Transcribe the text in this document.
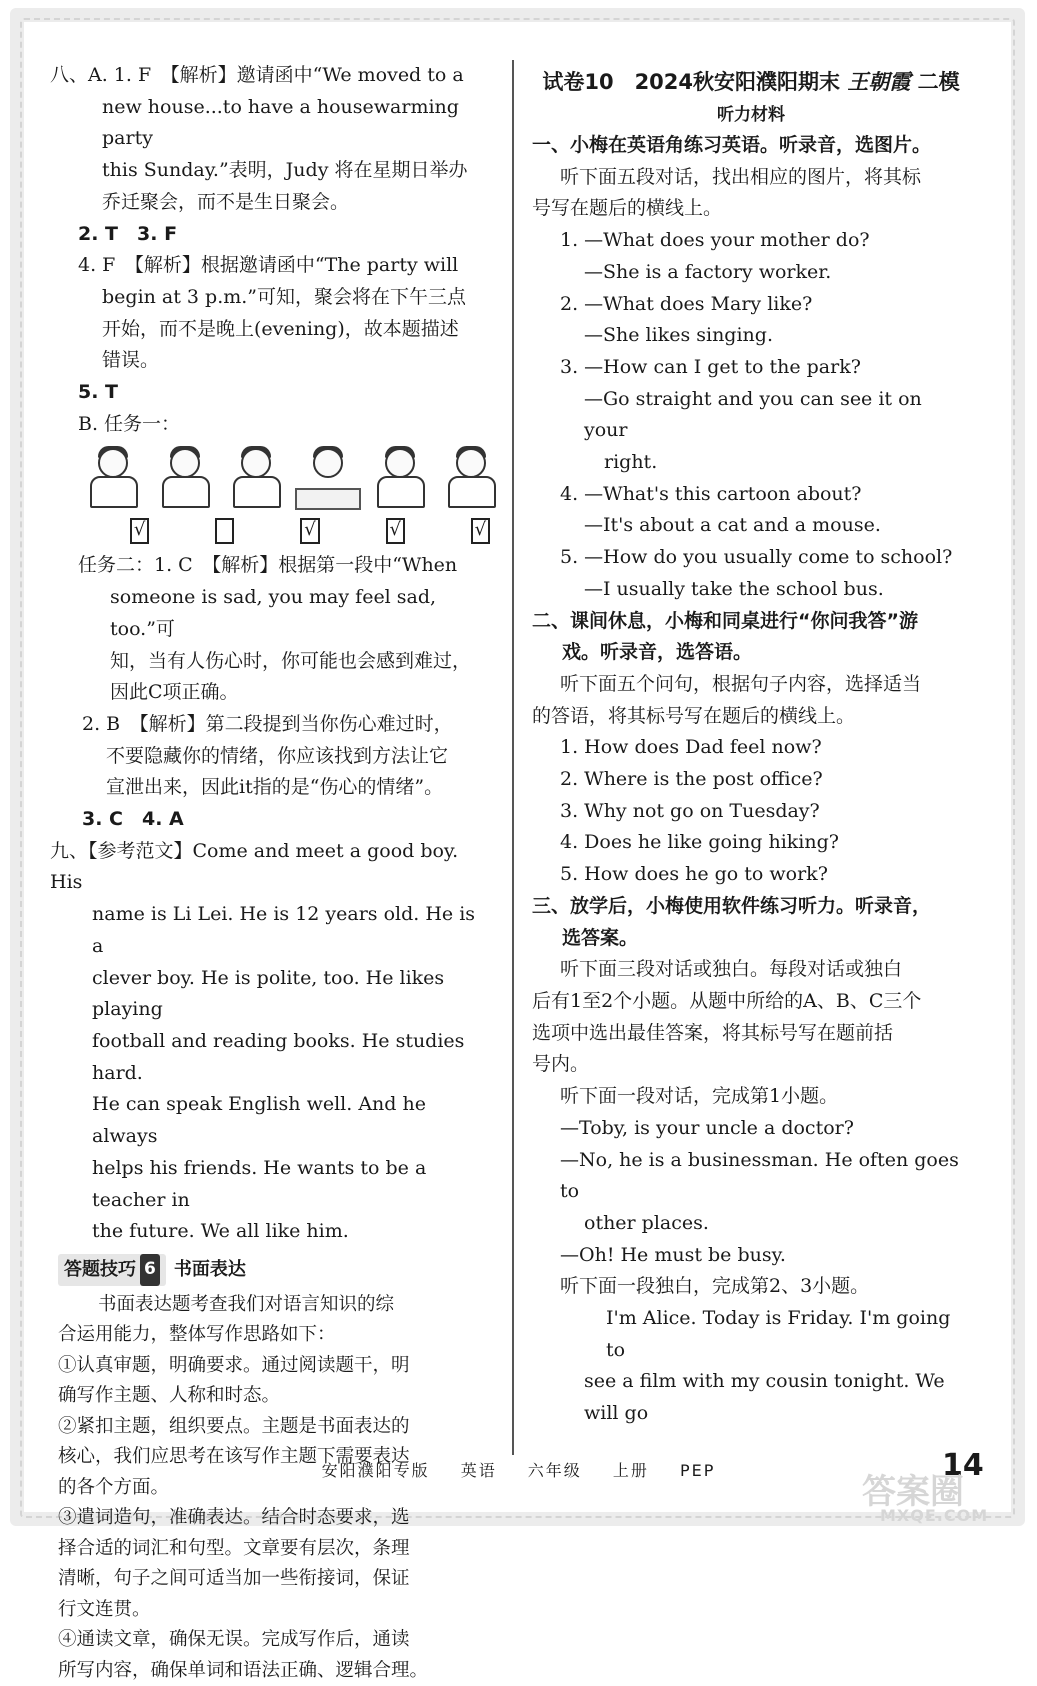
八、A. 1. F　【解析】邀请函中“We moved to a

new house...to have a housewarming party

this Sunday.”表明，Judy 将在星期日举办

乔迁聚会，而不是生日聚会。

2. T　3. F

4. F　【解析】根据邀请函中“The party will

begin at 3 p.m.”可知，聚会将在下午三点

开始，而不是晚上(evening)，故本题描述

错误。

5. T

B. 任务一：

√	√	√	√

任务二：1. C　【解析】根据第一段中“When

someone is sad, you may feel sad, too.”可

知，当有人伤心时，你可能也会感到难过，

因此C项正确。

2. B　【解析】第二段提到当你伤心难过时，

不要隐藏你的情绪，你应该找到方法让它

宣泄出来，因此it指的是“伤心的情绪”。

3. C　4. A

九、【参考范文】Come and meet a good boy. His

name is Li Lei. He is 12 years old. He is a

clever boy. He is polite, too. He likes playing

football and reading books. He studies hard.

He can speak English well. And he always

helps his friends. He wants to be a teacher in

the future. We all like him.

答题技巧 6 书面表达

书面表达题考查我们对语言知识的综

合运用能力，整体写作思路如下：

①认真审题，明确要求。通过阅读题干，明

确写作主题、人称和时态。

②紧扣主题，组织要点。主题是书面表达的

核心，我们应思考在该写作主题下需要表达

的各个方面。

③遣词造句，准确表达。结合时态要求，选

择合适的词汇和句型。文章要有层次，条理

清晰，句子之间可适当加一些衔接词，保证

行文连贯。

④通读文章，确保无误。完成写作后，通读

所写内容，确保单词和语法正确、逻辑合理。

试卷10　2024秋安阳濮阳期末 王朝霞 二模
听力材料

一、小梅在英语角练习英语。听录音，选图片。

听下面五段对话，找出相应的图片，将其标

号写在题后的横线上。

1. —What does your mother do?

—She is a factory worker.

2. —What does Mary like?

—She likes singing.

3. —How can I get to the park?

—Go straight and you can see it on your

right.

4. —What's this cartoon about?

—It's about a cat and a mouse.

5. —How do you usually come to school?

—I usually take the school bus.

二、课间休息，小梅和同桌进行“你问我答”游

戏。听录音，选答语。

听下面五个问句，根据句子内容，选择适当

的答语，将其标号写在题后的横线上。

1. How does Dad feel now?

2. Where is the post office?

3. Why not go on Tuesday?

4. Does he like going hiking?

5. How does he go to work?

三、放学后，小梅使用软件练习听力。听录音，

选答案。

听下面三段对话或独白。每段对话或独白

后有1至2个小题。从题中所给的A、B、C三个

选项中选出最佳答案，将其标号写在题前括

号内。

听下面一段对话，完成第1小题。

—Toby, is your uncle a doctor?

—No, he is a businessman. He often goes to

other places.

—Oh! He must be busy.

听下面一段独白，完成第2、3小题。

I'm Alice. Today is Friday. I'm going to

see a film with my cousin tonight. We will go

安阳濮阳专版 英语 六年级 上册 PEP	14
答案圈
MXQE.COM
